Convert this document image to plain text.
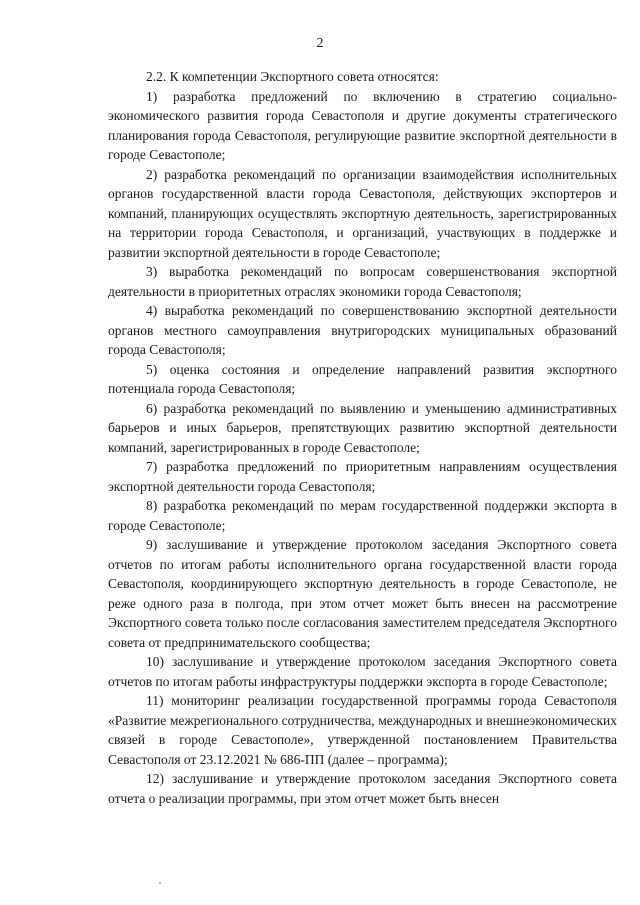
2

2.2. К компетенции Экспортного совета относятся:

1) разработка предложений по включению в стратегию социально-экономического развития города Севастополя и другие документы стратегического планирования города Севастополя, регулирующие развитие экспортной деятельности в городе Севастополе;

2) разработка рекомендаций по организации взаимодействия исполнительных органов государственной власти города Севастополя, действующих экспортеров и компаний, планирующих осуществлять экспортную деятельность, зарегистрированных на территории города Севастополя, и организаций, участвующих в поддержке и развитии экспортной деятельности в городе Севастополе;

3) выработка рекомендаций по вопросам совершенствования экспортной деятельности в приоритетных отраслях экономики города Севастополя;

4) выработка рекомендаций по совершенствованию экспортной деятельности органов местного самоуправления внутригородских муниципальных образований города Севастополя;

5) оценка состояния и определение направлений развития экспортного потенциала города Севастополя;

6) разработка рекомендаций по выявлению и уменьшению административных барьеров и иных барьеров, препятствующих развитию экспортной деятельности компаний, зарегистрированных в городе Севастополе;

7) разработка предложений по приоритетным направлениям осуществления экспортной деятельности города Севастополя;

8) разработка рекомендаций по мерам государственной поддержки экспорта в городе Севастополе;

9) заслушивание и утверждение протоколом заседания Экспортного совета отчетов по итогам работы исполнительного органа государственной власти города Севастополя, координирующего экспортную деятельность в городе Севастополе, не реже одного раза в полгода, при этом отчет может быть внесен на рассмотрение Экспортного совета только после согласования заместителем председателя Экспортного совета от предпринимательского сообщества;

10) заслушивание и утверждение протоколом заседания Экспортного совета отчетов по итогам работы инфраструктуры поддержки экспорта в городе Севастополе;

11) мониторинг реализации государственной программы города Севастополя «Развитие межрегионального сотрудничества, международных и внешнеэкономических связей в городе Севастополе», утвержденной постановлением Правительства Севастополя от 23.12.2021 № 686-ПП (далее – программа);

12) заслушивание и утверждение протоколом заседания Экспортного совета отчета о реализации программы, при этом отчет может быть внесен
